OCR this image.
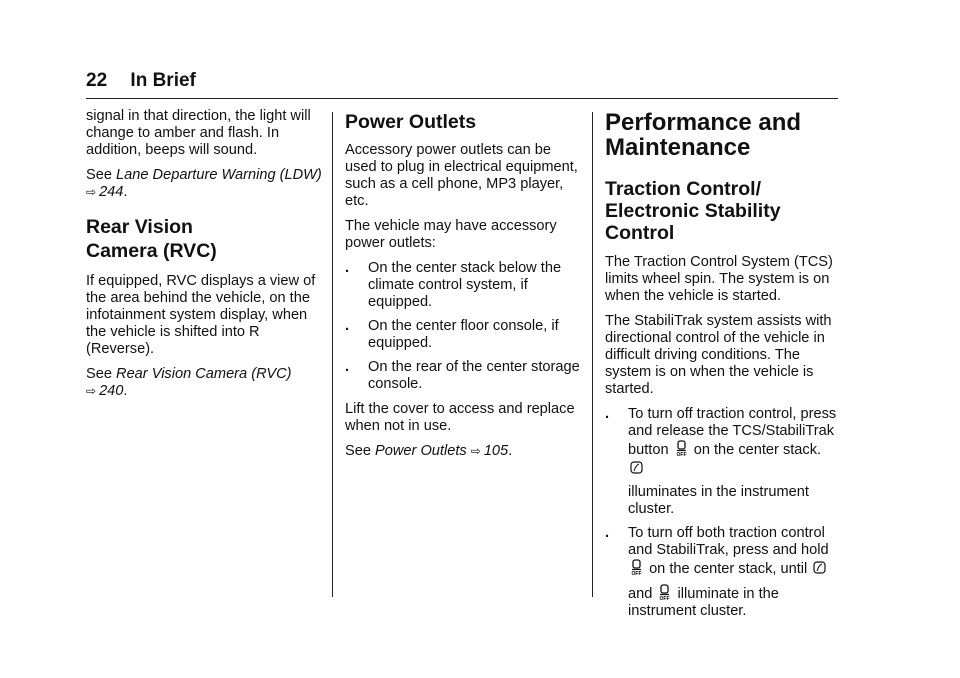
22 In Brief

signal in that direction, the light will change to amber and flash. In addition, beeps will sound.

See Lane Departure Warning (LDW)
⇨ 244.

Rear Vision
Camera (RVC)

If equipped, RVC displays a view of the area behind the vehicle, on the infotainment system display, when the vehicle is shifted into R (Reverse).

See Rear Vision Camera (RVC)
⇨ 240.

Power Outlets

Accessory power outlets can be used to plug in electrical equipment, such as a cell phone, MP3 player, etc.

The vehicle may have accessory power outlets:

. On the center stack below the climate control system, if equipped.
. On the center floor console, if equipped.
. On the rear of the center storage console.

Lift the cover to access and replace when not in use.

See Power Outlets ⇨ 105.

Performance and
Maintenance
Traction Control/
Electronic Stability
Control

The Traction Control System (TCS) limits wheel spin. The system is on when the vehicle is started.

The StabiliTrak system assists with directional control of the vehicle in difficult driving conditions. The system is on when the vehicle is started.

. To turn off traction control, press and release the TCS/StabiliTrak button OFF on the center stack.
illuminates in the instrument cluster.
. To turn off both traction control and StabiliTrak, press and hold

OFF on the center stack, until
and OFF illuminate in the instrument cluster.
